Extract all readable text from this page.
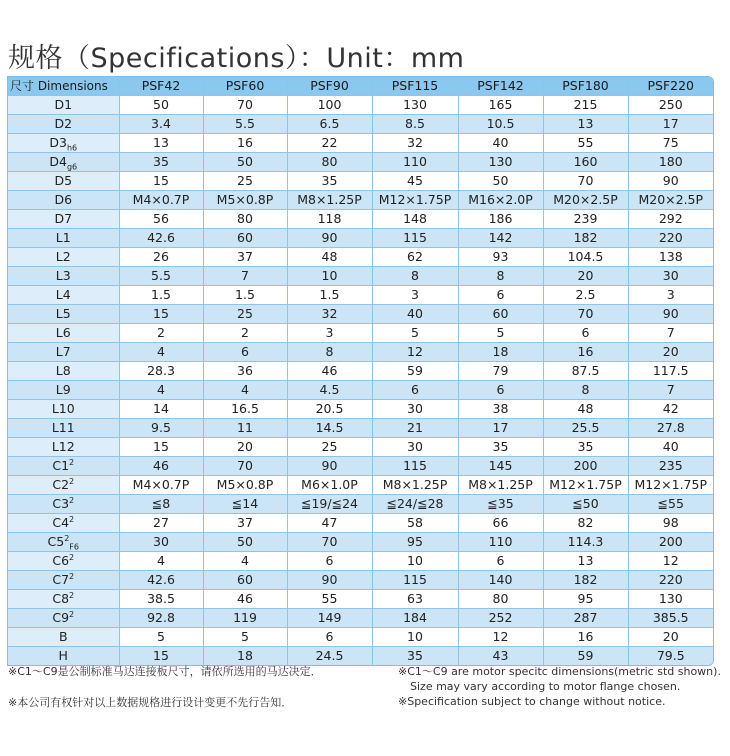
规格（Specifications）：Unit：mm
尺寸 Dimensions	PSF42	PSF60	PSF90	PSF115	PSF142	PSF180	PSF220
D1	50	70	100	130	165	215	250
D2	3.4	5.5	6.5	8.5	10.5	13	17
$D3_{h6}$	13	16	22	32	40	55	75
$D4_{g6}$	35	50	80	110	130	160	180
D5	15	25	35	45	50	70	90
D6	M4×0.7P	M5×0.8P	M8×1.25P	M12×1.75P	M16×2.0P	M20×2.5P	M20×2.5P
D7	56	80	118	148	186	239	292
L1	42.6	60	90	115	142	182	220
L2	26	37	48	62	93	104.5	138
L3	5.5	7	10	8	8	20	30
L4	1.5	1.5	1.5	3	6	2.5	3
L5	15	25	32	40	60	70	90
L6	2	2	3	5	5	6	7
L7	4	6	8	12	18	16	20
L8	28.3	36	46	59	79	87.5	117.5
L9	4	4	4.5	6	6	8	7
L10	14	16.5	20.5	30	38	48	42
L11	9.5	11	14.5	21	17	25.5	27.8
L12	15	20	25	30	35	35	40
$C1^2$	46	70	90	115	145	200	235
$C2^2$	M4×0.7P	M5×0.8P	M6×1.0P	M8×1.25P	M8×1.25P	M12×1.75P	M12×1.75P
$C3^2$	≦8	≦14	≦19/≦24	≦24/≦28	≦35	≦50	≦55
$C4^2$	27	37	47	58	66	82	98
$C5^2_{F6}$	30	50	70	95	110	114.3	200
$C6^2$	4	4	6	10	6	13	12
$C7^2$	42.6	60	90	115	140	182	220
$C8^2$	38.5	46	55	63	80	95	130
$C9^2$	92.8	119	149	184	252	287	385.5
B	5	5	6	10	12	16	20
H	15	18	24.5	35	43	59	79.5
※C1～C9是公制标准马达连接板尺寸，请依所选用的马达决定．
※本公司有权针对以上数据规格进行设计变更不先行告知．
※C1～C9 are motor specitc dimensions(metric std shown).
Size may vary according to motor flange chosen.
※Specification subject to change without notice.
